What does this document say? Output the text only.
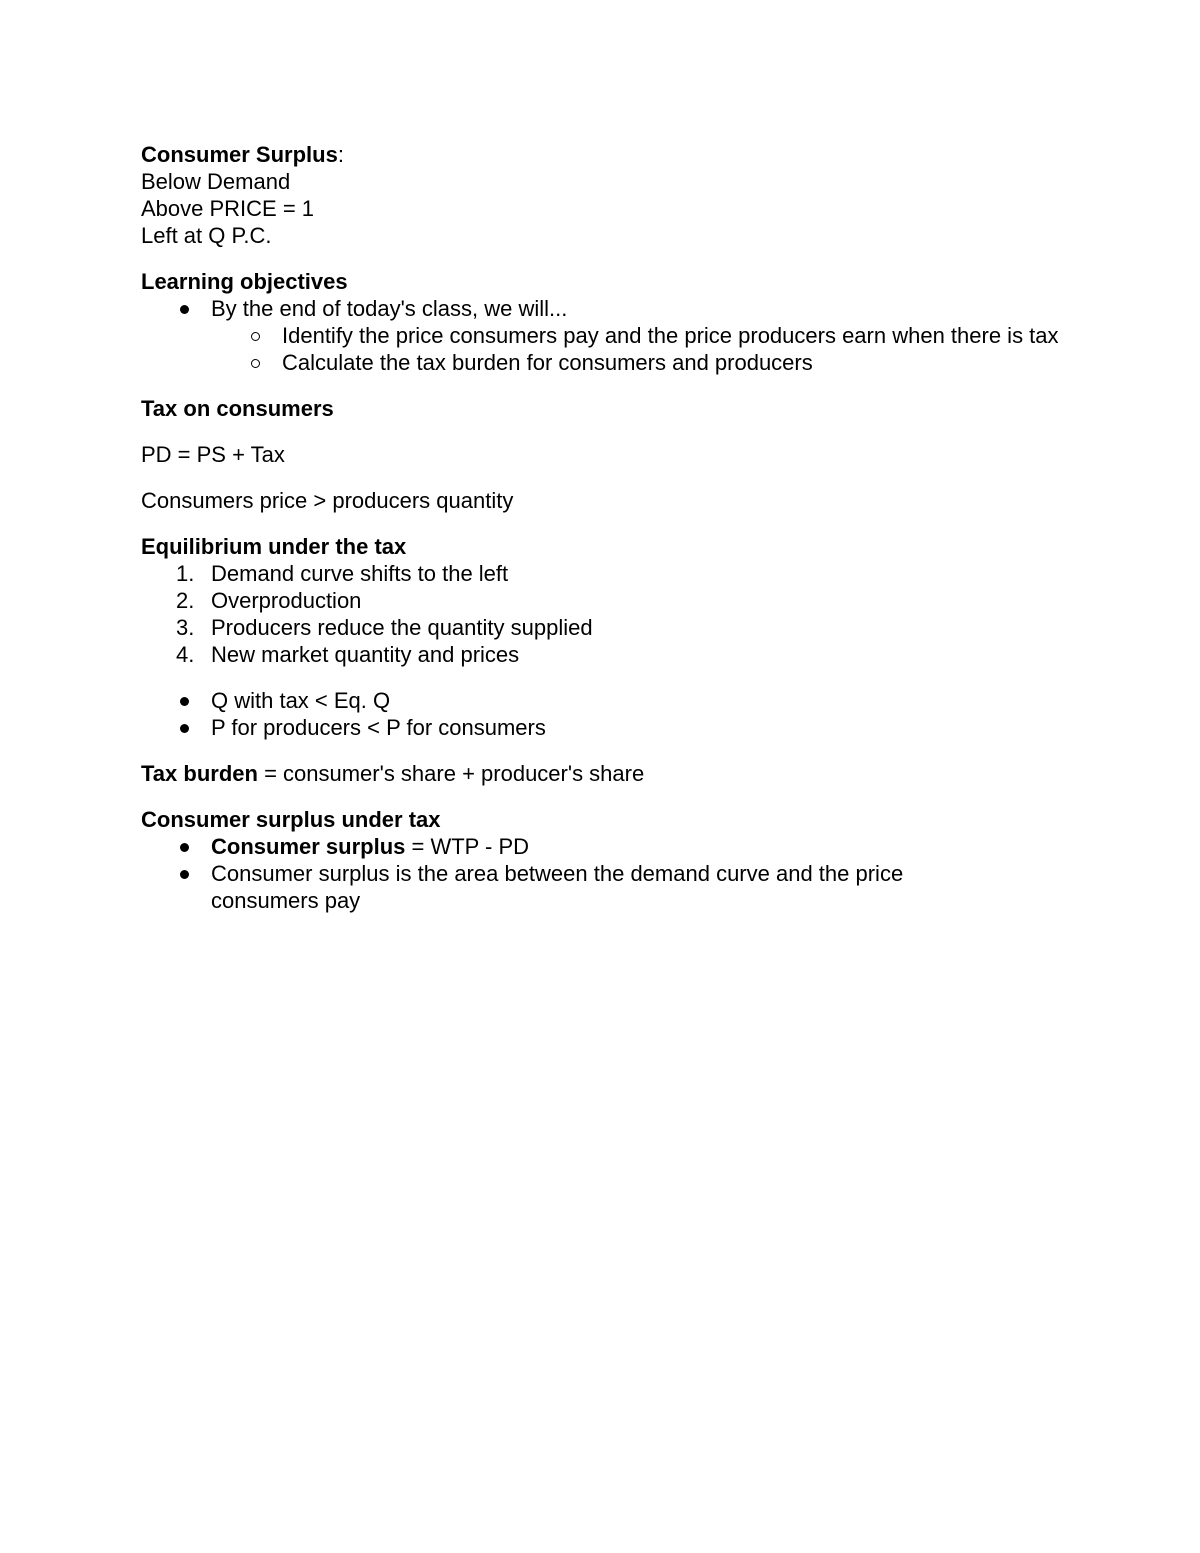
Consumer Surplus:
Below Demand
Above PRICE = 1
Left at Q P.C.
Learning objectives
By the end of today's class, we will...
Identify the price consumers pay and the price producers earn when there is tax
Calculate the tax burden for consumers and producers
Tax on consumers
PD = PS + Tax
Consumers price > producers quantity
Equilibrium under the tax
1. Demand curve shifts to the left
2. Overproduction
3. Producers reduce the quantity supplied
4. New market quantity and prices
Q with tax < Eq. Q
P for producers < P for consumers
Tax burden = consumer's share + producer's share
Consumer surplus under tax
Consumer surplus = WTP - PD
Consumer surplus is the area between the demand curve and the price consumers pay
